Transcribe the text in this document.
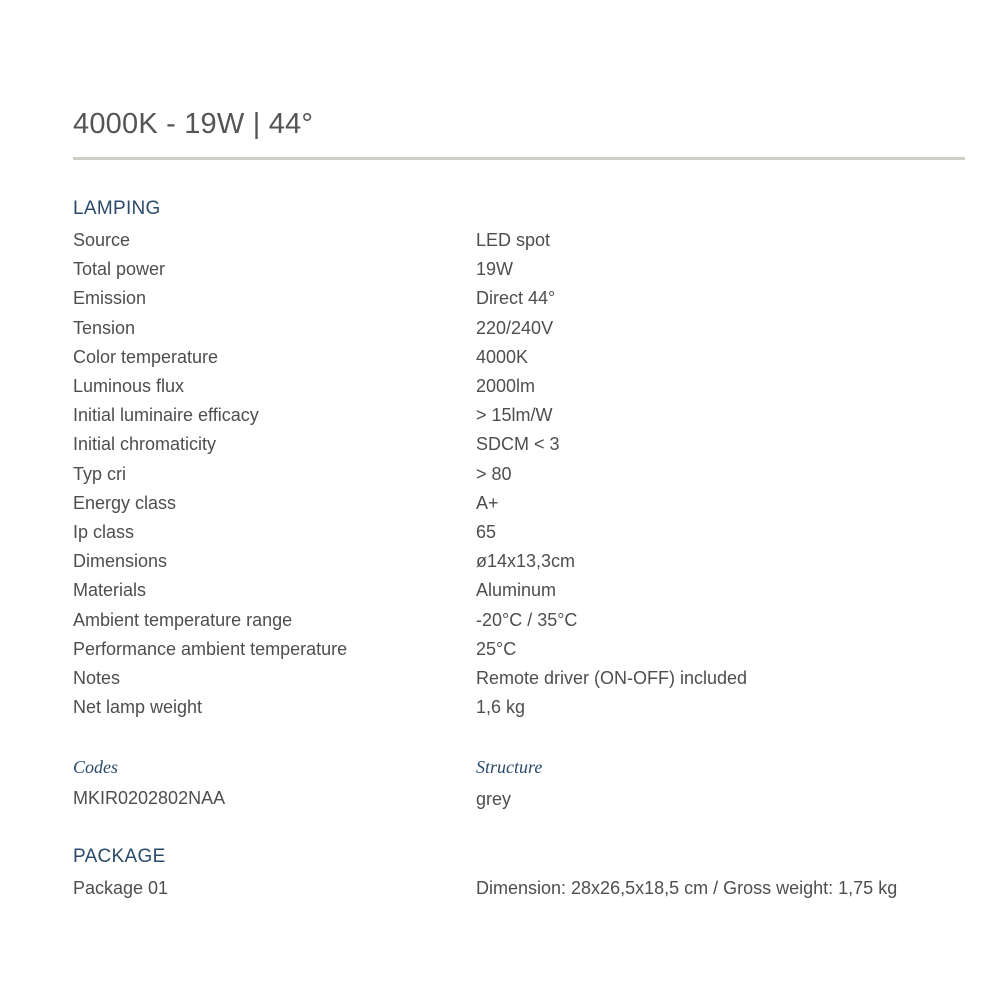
4000K - 19W | 44°
LAMPING
Source	LED spot
Total power	19W
Emission	Direct 44°
Tension	220/240V
Color temperature	4000K
Luminous flux	2000lm
Initial luminaire efficacy	> 15lm/W
Initial chromaticity	SDCM < 3
Typ cri	> 80
Energy class	A+
Ip class	65
Dimensions	ø14x13,3cm
Materials	Aluminum
Ambient temperature range	-20°C / 35°C
Performance ambient temperature	25°C
Notes	Remote driver (ON-OFF) included
Net lamp weight	1,6 kg
Codes	Structure
MKIR0202802NAA	grey
PACKAGE
Package 01	Dimension: 28x26,5x18,5 cm / Gross weight: 1,75 kg
